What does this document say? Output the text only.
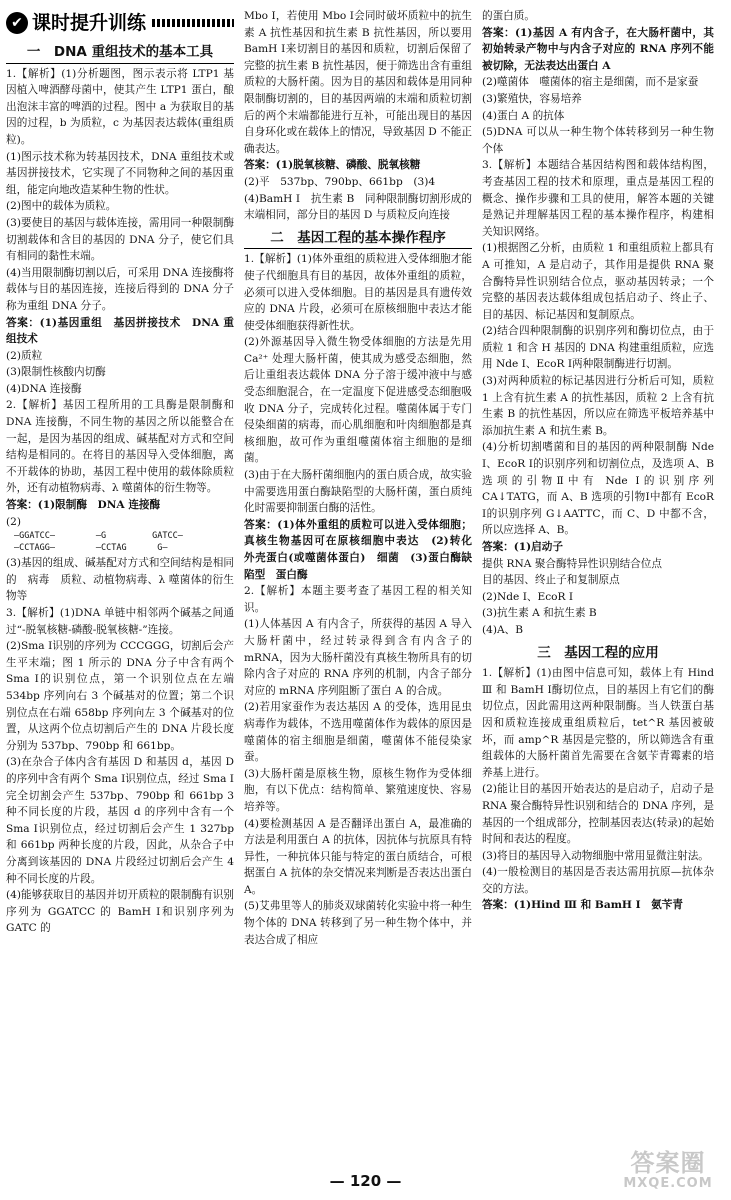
✔ 课时提升训练
一　DNA 重组技术的基本工具

1.【解析】(1)分析题图，图示表示将 LTP1 基因植入啤酒酵母菌中，使其产生 LTP1 蛋白，酿出泡沫丰富的啤酒的过程。图中 a 为获取目的基因的过程，b 为质粒，c 为基因表达载体(重组质粒)。

(1)图示技术称为转基因技术，DNA 重组技术或基因拼接技术，它实现了不同物种之间的基因重组，能定向地改造某种生物的性状。

(2)图中的载体为质粒。

(3)要使目的基因与载体连接，需用同一种限制酶切割载体和含目的基因的 DNA 分子，使它们具有相同的黏性末端。

(4)当用限制酶切割以后，可采用 DNA 连接酶将载体与目的基因连接，连接后得到的 DNA 分子称为重组 DNA 分子。

答案：(1)基因重组　基因拼接技术　DNA 重组技术

(2)质粒

(3)限制性核酸内切酶

(4)DNA 连接酶

2.【解析】基因工程所用的工具酶是限制酶和 DNA 连接酶，不同生物的基因之所以能整合在一起，是因为基因的组成、碱基配对方式和空间结构是相同的。在将目的基因导入受体细胞，离不开载体的协助，基因工程中使用的载体除质粒外，还有动植物病毒、λ 噬菌体的衍生物等。

答案：(1)限制酶　DNA 连接酶

(2)

—GGATCC—        —G         GATCC—
—CCTAGG—        —CCTAG      G—

(3)基因的组成、碱基配对方式和空间结构是相同的　病毒　质粒、动植物病毒、λ 噬菌体的衍生物等

3.【解析】(1)DNA 单链中相邻两个碱基之间通过“-脱氧核糖-磷酸-脱氧核糖-”连接。

(2)Sma Ⅰ识别的序列为 CCCGGG，切割后会产生平末端；图 1 所示的 DNA 分子中含有两个 Sma Ⅰ的识别位点，第一个识别位点在左端 534bp 序列向右 3 个碱基对的位置；第二个识别位点在右端 658bp 序列向左 3 个碱基对的位置，从这两个位点切割后产生的 DNA 片段长度分别为 537bp、790bp 和 661bp。

(3)在杂合子体内含有基因 D 和基因 d，基因 D 的序列中含有两个 Sma Ⅰ识别位点，经过 Sma Ⅰ完全切割会产生 537bp、790bp 和 661bp 3 种不同长度的片段，基因 d 的序列中含有一个 Sma Ⅰ识别位点，经过切割后会产生 1 327bp 和 661bp 两种长度的片段，因此，从杂合子中分离到该基因的 DNA 片段经过切割后会产生 4 种不同长度的片段。

(4)能够获取目的基因并切开质粒的限制酶有识别序列为 GGATCC 的 BamH Ⅰ和识别序列为 GATC 的

Mbo Ⅰ，若使用 Mbo Ⅰ会同时破坏质粒中的抗生素 A 抗性基因和抗生素 B 抗性基因，所以要用 BamH Ⅰ来切割目的基因和质粒，切割后保留了完整的抗生素 B 抗性基因，便于筛选出含有重组质粒的大肠杆菌。因为目的基因和载体是用同种限制酶切割的，目的基因两端的末端和质粒切割后的两个末端都能进行互补，可能出现目的基因自身环化或在载体上的情况，导致基因 D 不能正确表达。

答案：(1)脱氧核糖、磷酸、脱氧核糖

(2)平　537bp、790bp、661bp　(3)4

(4)BamH Ⅰ　抗生素 B　同种限制酶切割形成的末端相同，部分目的基因 D 与质粒反向连接

二　基因工程的基本操作程序

1.【解析】(1)体外重组的质粒进入受体细胞才能使子代细胞具有目的基因，故体外重组的质粒，必须可以进入受体细胞。目的基因是具有遗传效应的 DNA 片段，必须可在原核细胞中表达才能使受体细胞获得新性状。

(2)外源基因导入微生物受体细胞的方法是先用 Ca²⁺ 处理大肠杆菌，使其成为感受态细胞，然后让重组表达载体 DNA 分子溶于缓冲液中与感受态细胞混合，在一定温度下促进感受态细胞吸收 DNA 分子，完成转化过程。噬菌体属于专门侵染细菌的病毒，而心肌细胞和叶肉细胞都是真核细胞，故可作为重组噬菌体宿主细胞的是细菌。

(3)由于在大肠杆菌细胞内的蛋白质合成，故实验中需要选用蛋白酶缺陷型的大肠杆菌，蛋白质纯化时需要抑制蛋白酶的活性。

答案：(1)体外重组的质粒可以进入受体细胞；真核生物基因可在原核细胞中表达　(2)转化　外壳蛋白(或噬菌体蛋白)　细菌　(3)蛋白酶缺陷型　蛋白酶

2.【解析】本题主要考查了基因工程的相关知识。

(1)人体基因 A 有内含子，所获得的基因 A 导入大肠杆菌中，经过转录得到含有内含子的 mRNA，因为大肠杆菌没有真核生物所具有的切除内含子对应的 RNA 序列的机制，内含子部分对应的 mRNA 序列阻断了蛋白 A 的合成。

(2)若用家蚕作为表达基因 A 的受体，选用昆虫病毒作为载体，不选用噬菌体作为载体的原因是噬菌体的宿主细胞是细菌，噬菌体不能侵染家蚕。

(3)大肠杆菌是原核生物，原核生物作为受体细胞，有以下优点：结构简单、繁殖速度快、容易培养等。

(4)要检测基因 A 是否翻译出蛋白 A，最准确的方法是利用蛋白 A 的抗体，因抗体与抗原具有特异性，一种抗体只能与特定的蛋白质结合，可根据蛋白 A 抗体的杂交情况来判断是否表达出蛋白 A。

(5)艾弗里等人的肺炎双球菌转化实验中将一种生物个体的 DNA 转移到了另一种生物个体中，并表达合成了相应

的蛋白质。

答案：(1)基因 A 有内含子，在大肠杆菌中，其初始转录产物中与内含子对应的 RNA 序列不能被切除，无法表达出蛋白 A

(2)噬菌体　噬菌体的宿主是细菌，而不是家蚕

(3)繁殖快，容易培养

(4)蛋白 A 的抗体

(5)DNA 可以从一种生物个体转移到另一种生物个体

3.【解析】本题结合基因结构图和载体结构图，考查基因工程的技术和原理，重点是基因工程的概念、操作步骤和工具的使用，解答本题的关键是熟记并理解基因工程的基本操作程序，构建相关知识网络。

(1)根据图乙分析，由质粒 1 和重组质粒上都具有 A 可推知，A 是启动子，其作用是提供 RNA 聚合酶特异性识别结合位点，驱动基因转录；一个完整的基因表达载体组成包括启动子、终止子、目的基因、标记基因和复制原点。

(2)结合四种限制酶的识别序列和酶切位点，由于质粒 1 和含 H 基因的 DNA 构建重组质粒，应选用 Nde Ⅰ、EcoR Ⅰ两种限制酶进行切割。

(3)对两种质粒的标记基因进行分析后可知，质粒 1 上含有抗生素 A 的抗性基因，质粒 2 上含有抗生素 B 的抗性基因，所以应在筛选平板培养基中添加抗生素 A 和抗生素 B。

(4)分析切割嗜菌和目的基因的两种限制酶 Nde Ⅰ、EcoR Ⅰ的识别序列和切割位点，及选项 A、B 选项的引物Ⅱ中有 Nde Ⅰ的识别序列 CA↓TATG，而 A、B 选项的引物Ⅰ中都有 EcoR Ⅰ的识别序列 G↓AATTC，而 C、D 中都不含，所以应选择 A、B。

答案：(1)启动子

提供 RNA 聚合酶特异性识别结合位点

目的基因、终止子和复制原点

(2)Nde Ⅰ、EcoR Ⅰ

(3)抗生素 A 和抗生素 B

(4)A、B

三　基因工程的应用

1.【解析】(1)由图中信息可知，载体上有 Hind Ⅲ 和 BamH Ⅰ酶切位点，目的基因上有它们的酶切位点，因此需用这两种限制酶。当人铁蛋白基因和质粒连接成重组质粒后，tet^R 基因被破坏，而 amp^R 基因是完整的，所以筛选含有重组载体的大肠杆菌首先需要在含氨苄青霉素的培养基上进行。

(2)能让目的基因开始表达的是启动子，启动子是 RNA 聚合酶特异性识别和结合的 DNA 序列，是基因的一个组成部分，控制基因表达(转录)的起始时间和表达的程度。

(3)将目的基因导入动物细胞中常用显微注射法。

(4)一般检测目的基因是否表达需用抗原—抗体杂交的方法。

答案：(1)Hind Ⅲ 和 BamH Ⅰ　氨苄青

— 120 —
答案圈
MXQE.COM
